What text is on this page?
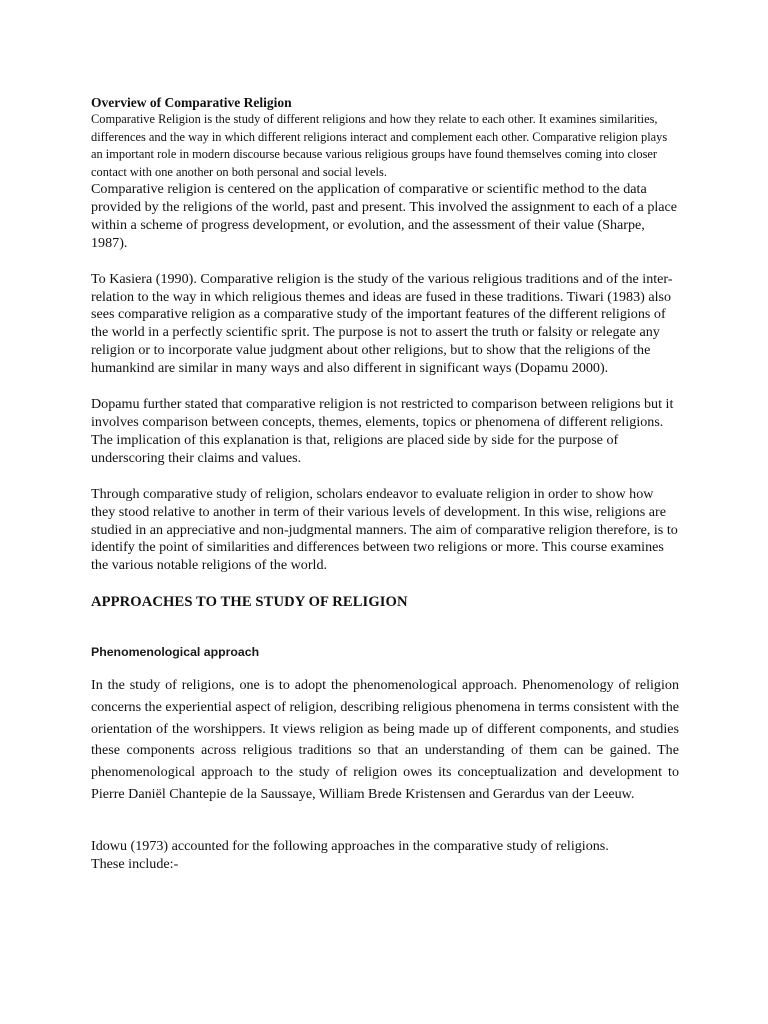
Overview of Comparative Religion

Comparative Religion is the study of different religions and how they relate to each other. It examines similarities, differences and the way in which different religions interact and complement each other. Comparative religion plays an important role in modern discourse because various religious groups have found themselves coming into closer contact with one another on both personal and social levels.

Comparative religion is centered on the application of comparative or scientific method to the data provided by the religions of the world, past and present. This involved the assignment to each of a place within a scheme of progress development, or evolution, and the assessment of their value (Sharpe, 1987).

To Kasiera (1990). Comparative religion is the study of the various religious traditions and of the inter-relation to the way in which religious themes and ideas are fused in these traditions. Tiwari (1983) also sees comparative religion as a comparative study of the important features of the different religions of the world in a perfectly scientific sprit. The purpose is not to assert the truth or falsity or relegate any religion or to incorporate value judgment about other religions, but to show that the religions of the humankind are similar in many ways and also different in significant ways (Dopamu 2000).

Dopamu further stated that comparative religion is not restricted to comparison between religions but it involves comparison between concepts, themes, elements, topics or phenomena of different religions. The implication of this explanation is that, religions are placed side by side for the purpose of underscoring their claims and values.

Through comparative study of religion, scholars endeavor to evaluate religion in order to show how they stood relative to another in term of their various levels of development. In this wise, religions are studied in an appreciative and non-judgmental manners. The aim of comparative religion therefore, is to identify the point of similarities and differences between two religions or more. This course examines the various notable religions of the world.

APPROACHES TO THE STUDY OF RELIGION

Phenomenological approach

In the study of religions, one is to adopt the phenomenological approach. Phenomenology of religion concerns the experiential aspect of religion, describing religious phenomena in terms consistent with the orientation of the worshippers. It views religion as being made up of different components, and studies these components across religious traditions so that an understanding of them can be gained. The phenomenological approach to the study of religion owes its conceptualization and development to Pierre Daniël Chantepie de la Saussaye, William Brede Kristensen and Gerardus van der Leeuw.

Idowu (1973) accounted for the following approaches in the comparative study of religions.
These include:-
